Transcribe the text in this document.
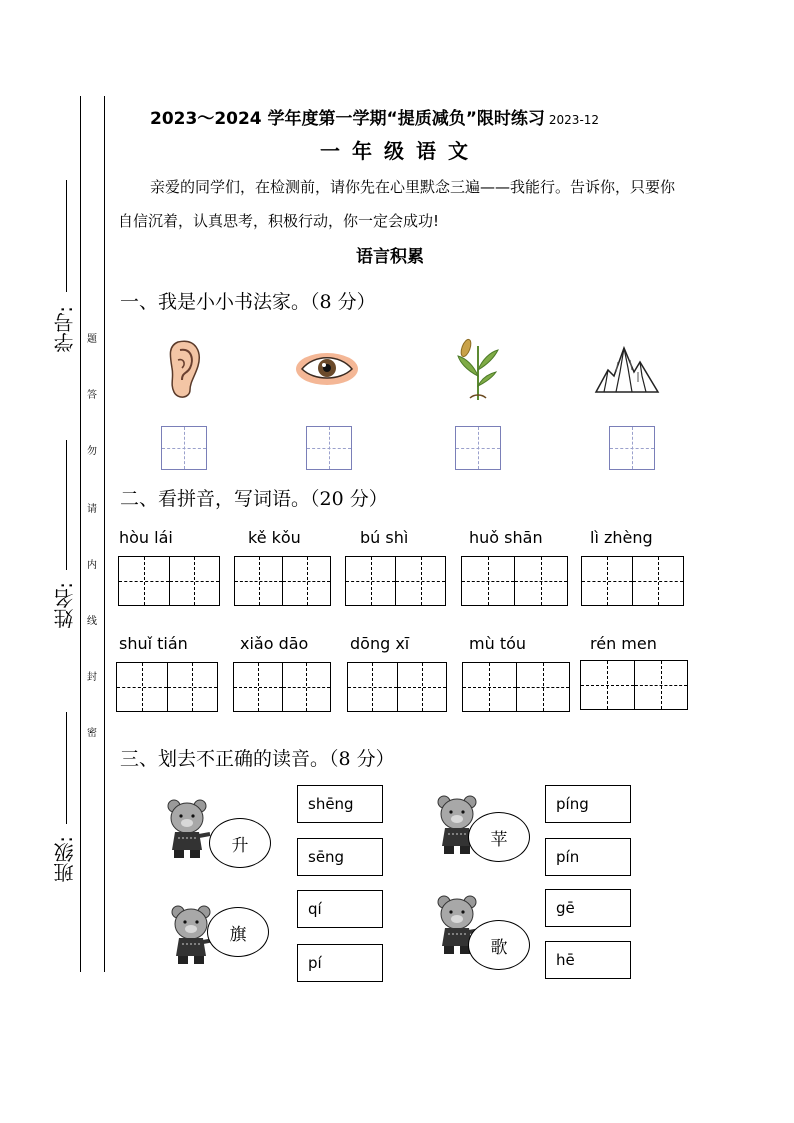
学号:
姓名:
班级:
题
答
勿
请
内
线
封
密
2023～2024 学年度第一学期“提质减负”限时练习 2023-12
一年级语文
亲爱的同学们，在检测前，请你先在心里默念三遍——我能行。告诉你，只要你自信沉着，认真思考，积极行动，你一定会成功!
语言积累
一、我是小小书法家。（8 分）
二、看拼音，写词语。（20 分）
hòu lái	kě kǒu	bú shì	huǒ shān	lì zhèng
shuǐ tián	xiǎo dāo	dōng xī	mù tóu	rén men
三、划去不正确的读音。（8 分）
升
shēng
sēng
苹
píng
pín
旗
qí
pí
歌
gē
hē
